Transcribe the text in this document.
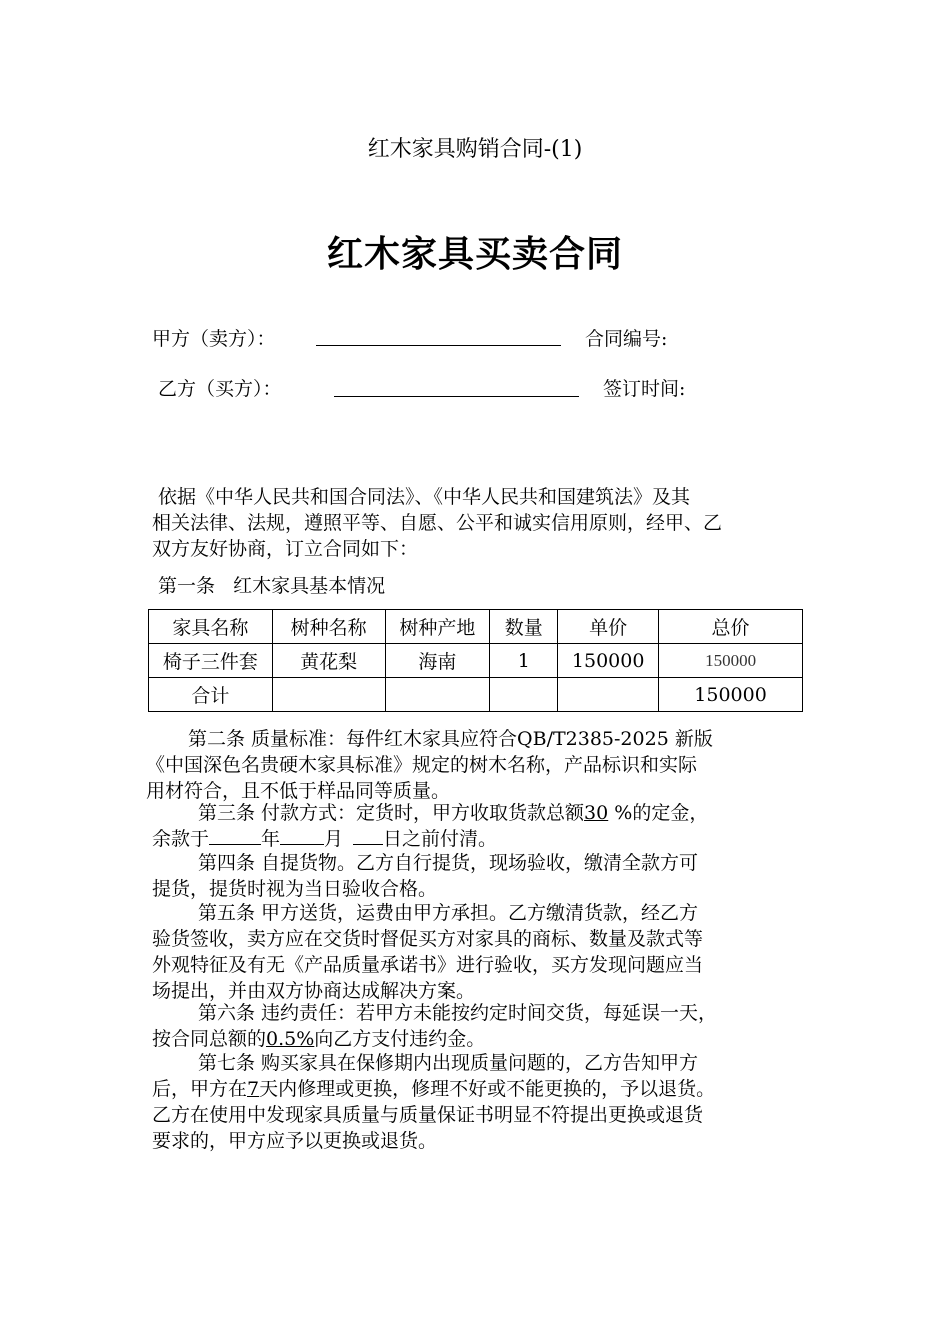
红木家具购销合同-(1)
红木家具买卖合同
甲方（卖方）：	合同编号:
乙方（买方）：	签订时间:
依据《中华人民共和国合同法》、《中华人民共和国建筑法》及其
相关法律、法规，遵照平等、自愿、公平和诚实信用原则，经甲、乙
双方友好协商，订立合同如下：
第一条   红木家具基本情况
家具名称	树种名称	树种产地	数量	单价	总价
椅子三件套	黄花梨	海南	1	150000	150000
合计					150000
第二条 质量标准：每件红木家具应符合QB/T2385-2025 新版
《中国深色名贵硬木家具标准》规定的树木名称，产品标识和实际
用材符合，且不低于样品同等质量。
第三条 付款方式：定货时，甲方收取货款总额30 %的定金，
余款于	年 月 日之前付清。
第四条 自提货物。乙方自行提货，现场验收，缴清全款方可
提货，提货时视为当日验收合格。
第五条 甲方送货，运费由甲方承担。乙方缴清货款，经乙方
验货签收，卖方应在交货时督促买方对家具的商标、数量及款式等
外观特征及有无《产品质量承诺书》进行验收，买方发现问题应当
场提出，并由双方协商达成解决方案。
第六条 违约责任：若甲方未能按约定时间交货，每延误一天，
按合同总额的0.5%向乙方支付违约金。
第七条 购买家具在保修期内出现质量问题的，乙方告知甲方
后，甲方在7天内修理或更换，修理不好或不能更换的，予以退货。
乙方在使用中发现家具质量与质量保证书明显不符提出更换或退货
要求的，甲方应予以更换或退货。
